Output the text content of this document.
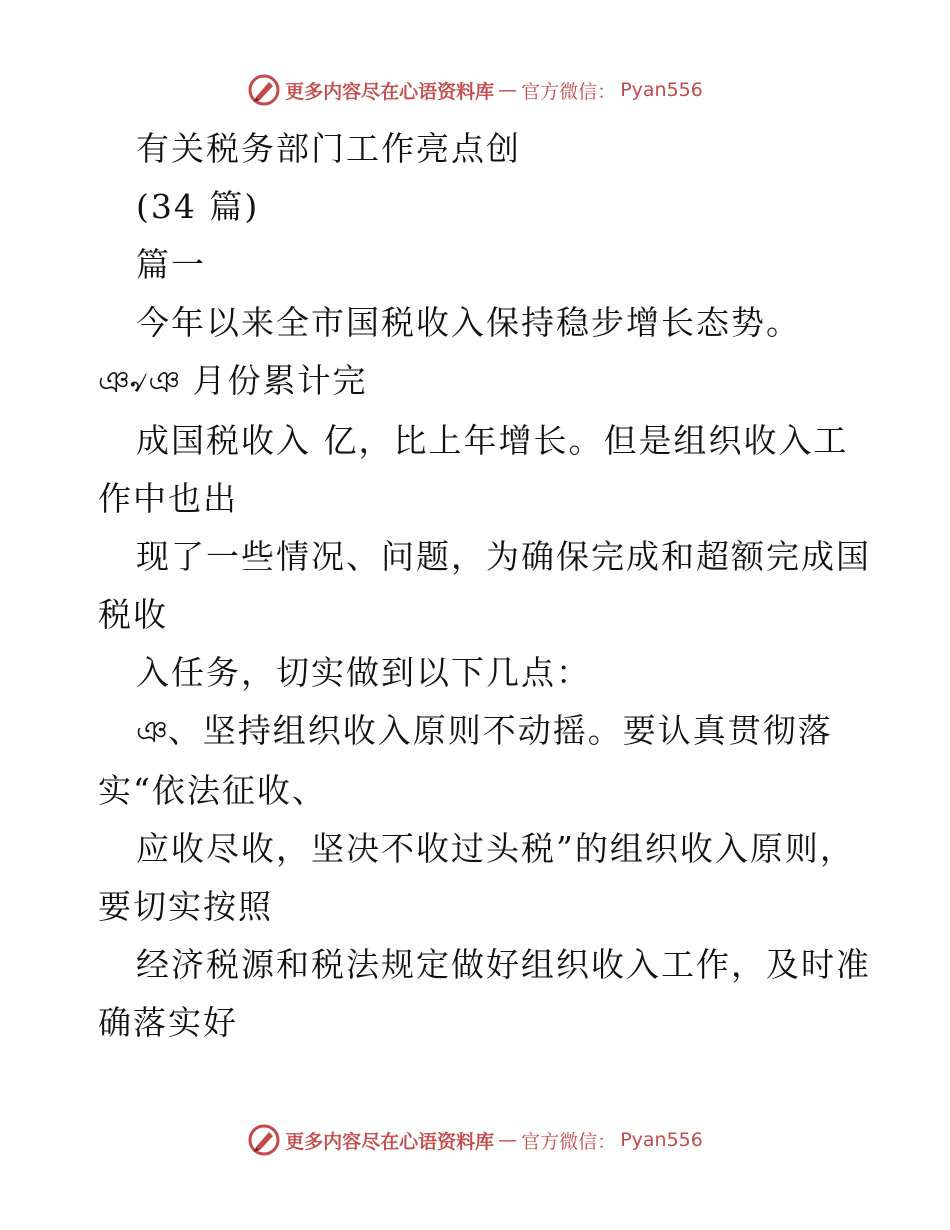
更多内容尽在心语资料库 — 官方微信： Pyan556
有关税务部门工作亮点创
(34 篇)
篇一
今年以来全市国税收入保持稳步增长态势。
ঞ৵ঞ 月份累计完
成国税收入 亿，比上年增长。但是组织收入工
作中也出
现了一些情况、问题，为确保完成和超额完成国
税收
入任务，切实做到以下几点：
ঞ、坚持组织收入原则不动摇。要认真贯彻落
实“依法征收、
应收尽收，坚决不收过头税”的组织收入原则，
要切实按照
经济税源和税法规定做好组织收入工作，及时准
确落实好
更多内容尽在心语资料库 — 官方微信： Pyan556
